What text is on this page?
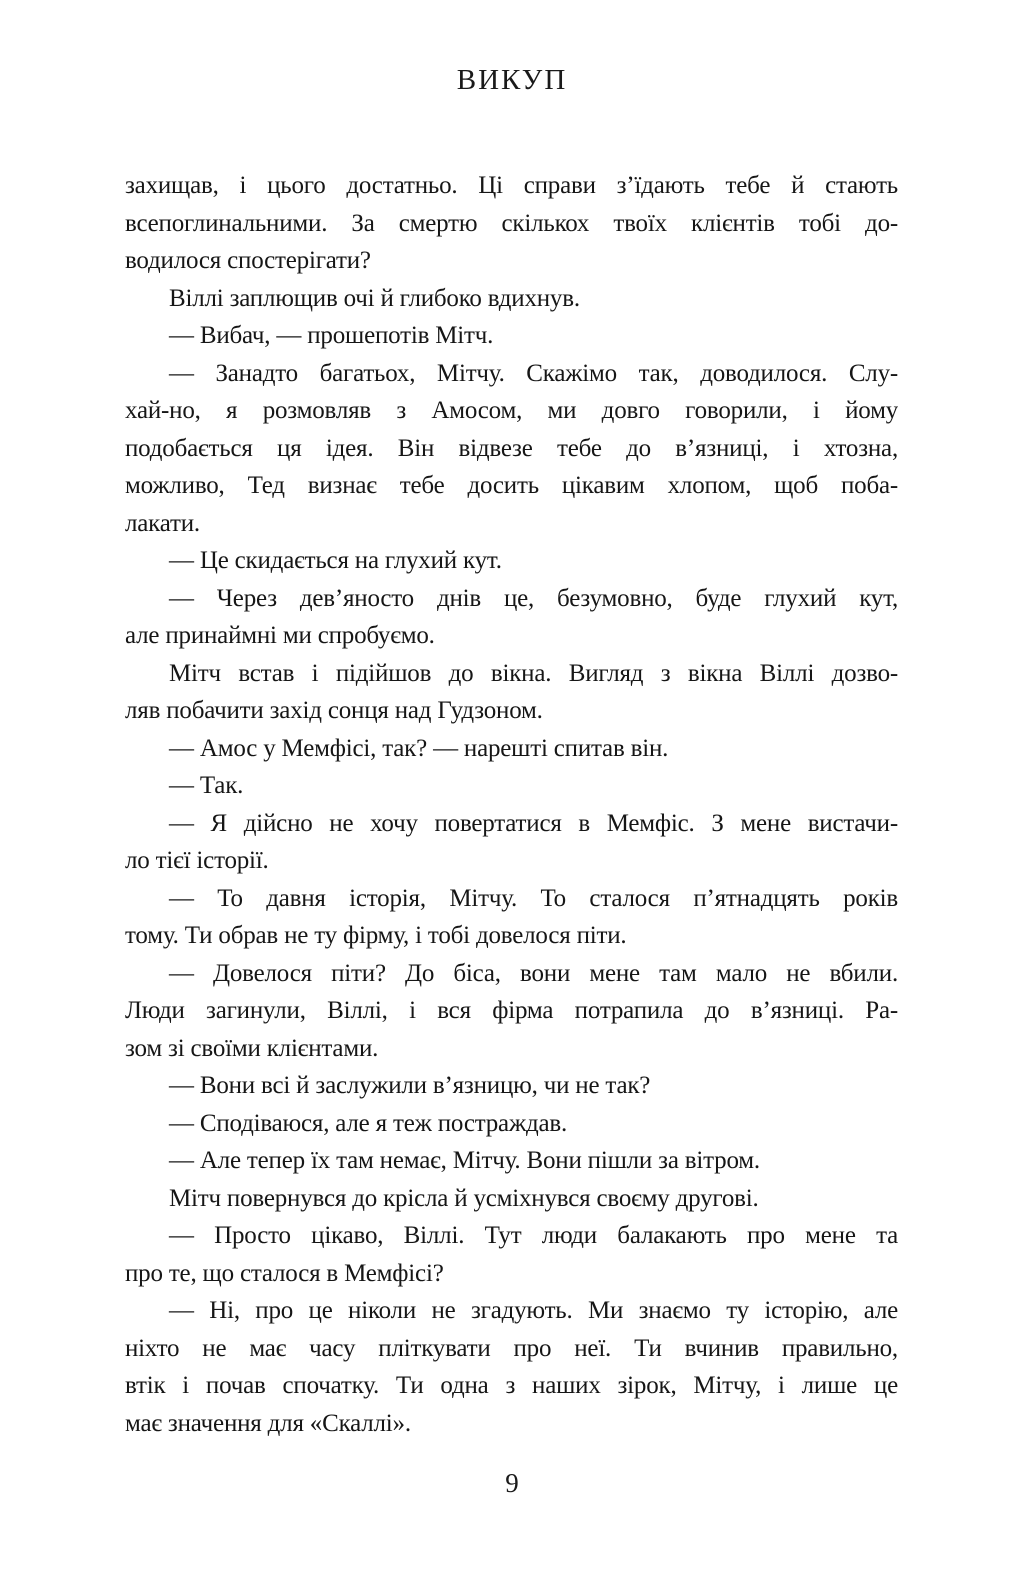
ВИКУП
захищав, і цього достатньо. Ці справи з’їдають тебе й стають
всепоглинальними. За смертю скількох твоїх клієнтів тобі до-
водилося спостерігати?
Віллі заплющив очі й глибоко вдихнув.
— Вибач, — прошепотів Мітч.
— Занадто багатьох, Мітчу. Скажімо так, доводилося. Слу-
хай-но, я розмовляв з Амосом, ми довго говорили, і йому
подобається ця ідея. Він відвезе тебе до в’язниці, і хтозна,
можливо, Тед визнає тебе досить цікавим хлопом, щоб поба-
лакати.
— Це скидається на глухий кут.
— Через дев’яносто днів це, безумовно, буде глухий кут,
але принаймні ми спробуємо.
Мітч встав і підійшов до вікна. Вигляд з вікна Віллі дозво-
ляв побачити захід сонця над Гудзоном.
— Амос у Мемфісі, так? — нарешті спитав він.
— Так.
— Я дійсно не хочу повертатися в Мемфіс. З мене вистачи-
ло тієї історії.
— То давня історія, Мітчу. То сталося п’ятнадцять років
тому. Ти обрав не ту фірму, і тобі довелося піти.
— Довелося піти? До біса, вони мене там мало не вбили.
Люди загинули, Віллі, і вся фірма потрапила до в’язниці. Ра-
зом зі своїми клієнтами.
— Вони всі й заслужили в’язницю, чи не так?
— Сподіваюся, але я теж постраждав.
— Але тепер їх там немає, Мітчу. Вони пішли за вітром.
Мітч повернувся до крісла й усміхнувся своєму другові.
— Просто цікаво, Віллі. Тут люди балакають про мене та
про те, що сталося в Мемфісі?
— Ні, про це ніколи не згадують. Ми знаємо ту історію, але
ніхто не має часу пліткувати про неї. Ти вчинив правильно,
втік і почав спочатку. Ти одна з наших зірок, Мітчу, і лише це
має значення для «Скаллі».
9
